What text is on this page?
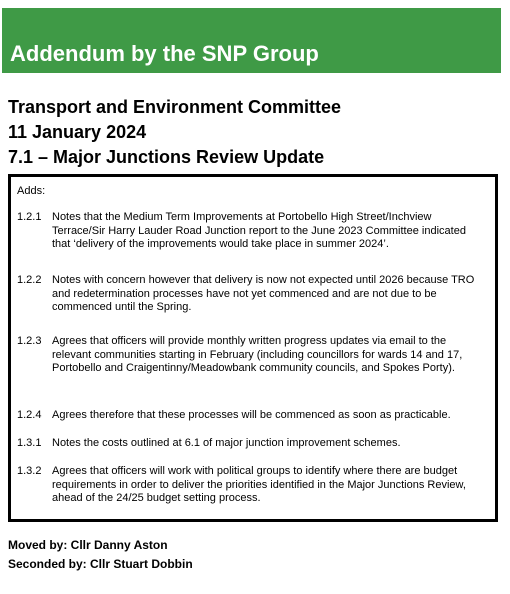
Addendum by the SNP Group
Transport and Environment Committee
11 January 2024
7.1 – Major Junctions Review Update
Adds:
1.2.1 Notes that the Medium Term Improvements at Portobello High Street/Inchview Terrace/Sir Harry Lauder Road Junction report to the June 2023 Committee indicated that ‘delivery of the improvements would take place in summer 2024’.
1.2.2 Notes with concern however that delivery is now not expected until 2026 because TRO and redetermination processes have not yet commenced and are not due to be commenced until the Spring.
1.2.3 Agrees that officers will provide monthly written progress updates via email to the relevant communities starting in February (including councillors for wards 14 and 17, Portobello and Craigentinny/Meadowbank community councils, and Spokes Porty).
1.2.4 Agrees therefore that these processes will be commenced as soon as practicable.
1.3.1 Notes the costs outlined at 6.1 of major junction improvement schemes.
1.3.2 Agrees that officers will work with political groups to identify where there are budget requirements in order to deliver the priorities identified in the Major Junctions Review, ahead of the 24/25 budget setting process.
Moved by: Cllr Danny Aston
Seconded by: Cllr Stuart Dobbin
